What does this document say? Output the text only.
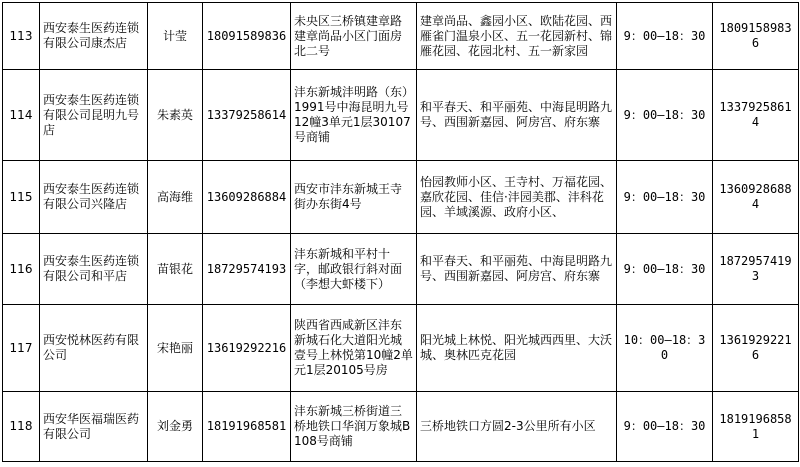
113	西安泰生医药连锁有限公司康杰店	计莹	18091589836	未央区三桥镇建章路建章尚品小区门面房北二号	建章尚品、鑫园小区、欧陆花园、西雁雀门温泉小区、五一花园新村、锦雁花园、花园北村、五一新家园	9：00—18：30	18091589836
114	西安泰生医药连锁有限公司昆明九号店	朱素英	13379258614	沣东新城沣明路（东）1991号中海昆明九号12幢3单元1层30107号商铺	和平春天、和平丽苑、中海昆明路九号、西围新嘉园、阿房宫、府东寨	9：00—18：30	13379258614
115	西安泰生医药连锁有限公司兴隆店	高海维	13609286884	西安市沣东新城王寺街办东街4号	怡园教师小区、王寺村、万福花园、嘉欣花园、佳信·沣园美郡、沣科花园、羊域溪源、政府小区、	9：00—18：30	13609286884
116	西安泰生医药连锁有限公司和平店	苗银花	18729574193	沣东新城和平村十字，邮政银行斜对面（李想大虾楼下）	和平春天、和平丽苑、中海昆明路九号、西围新嘉园、阿房宫、府东寨	9：00—18：30	18729574193
117	西安悦林医药有限公司	宋艳丽	13619292216	陕西省西咸新区沣东新城石化大道阳光城壹号上林悦第10幢2单元1层20105号房	阳光城上林悦、阳光城西西里、大沃城、奥林匹克花园	10：00—18：30	13619292216
118	西安华医福瑞医药有限公司	刘金勇	18191968581	沣东新城三桥街道三桥地铁口华润万象城B108号商铺	三桥地铁口方圆2-3公里所有小区	9：00—18：30	18191968581
